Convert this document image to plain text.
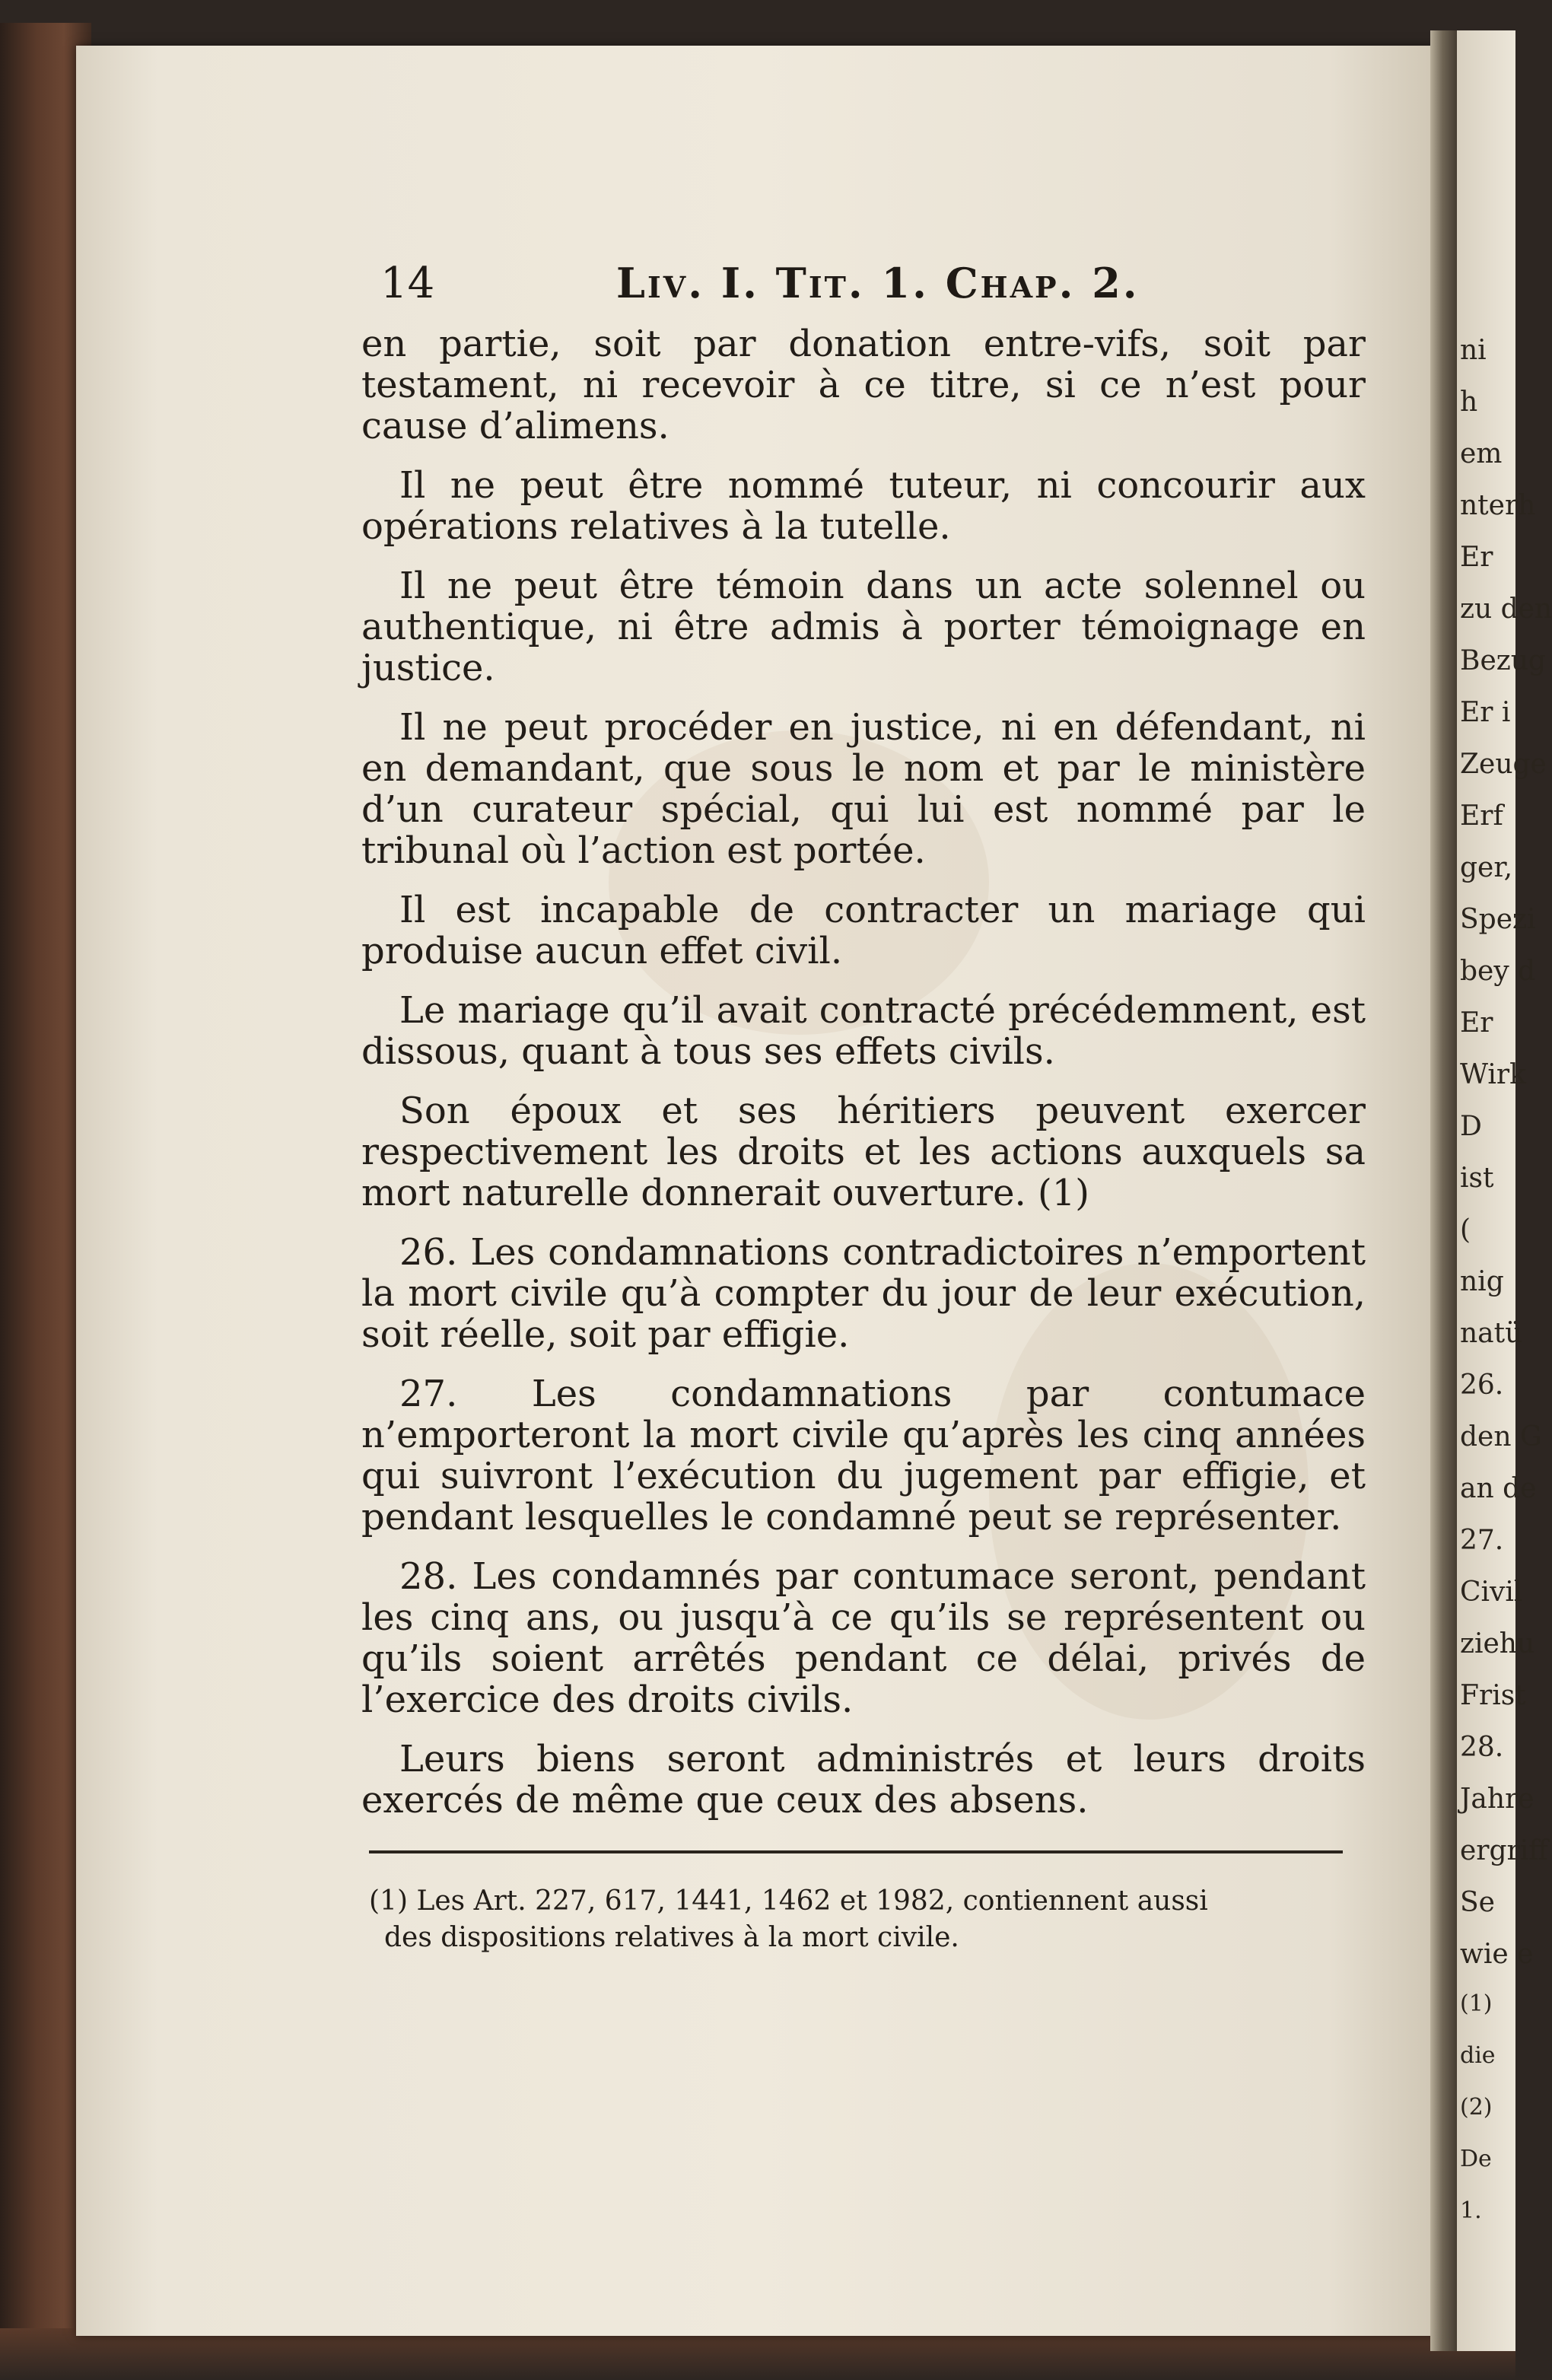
14	Liv. I. Tit. 1. Chap. 2.

en partie, soit par donation entre-vifs, soit par testament, ni recevoir à ce titre, si ce n’est pour cause d’alimens.

Il ne peut être nommé tuteur, ni concourir aux opérations relatives à la tutelle.

Il ne peut être témoin dans un acte solennel ou authentique, ni être admis à porter témoignage en justice.

Il ne peut procéder en justice, ni en défendant, ni en demandant, que sous le nom et par le ministère d’un curateur spécial, qui lui est nommé par le tribunal où l’action est portée.

Il est incapable de contracter un mariage qui produise aucun effet civil.

Le mariage qu’il avait contracté précédemment, est dissous, quant à tous ses effets civils.

Son époux et ses héritiers peuvent exercer respectivement les droits et les actions auxquels sa mort naturelle donnerait ouverture. (1)

26. Les condamnations contradictoires n’emportent la mort civile qu’à compter du jour de leur exécution, soit réelle, soit par effigie.

27. Les condamnations par contumace n’emporteront la mort civile qu’après les cinq années qui suivront l’exécution du jugement par effigie, et pendant lesquelles le condamné peut se représenter.

28. Les condamnés par contumace seront, pendant les cinq ans, ou jusqu’à ce qu’ils se représentent ou qu’ils soient arrêtés pendant ce délai, privés de l’exercice des droits civils.

Leurs biens seront administrés et leurs droits exercés de même que ceux des absens.

(1) Les Art. 227, 617, 1441, 1462 et 1982, contiennent aussi
des dispositions relatives à la mort civile.
ni
h
em
nterh
Er
zu den
Bezug
Er i
Zeuge
Erf
ger,
Spezi
bey d
Er
Wirk
D
ist
(
nig
natü
26.
den G
an de
27.
Civil
ziehu
Frist
28.
Jahre
ergriff
Se
wie e
(1)
die
(2)
De
1.
